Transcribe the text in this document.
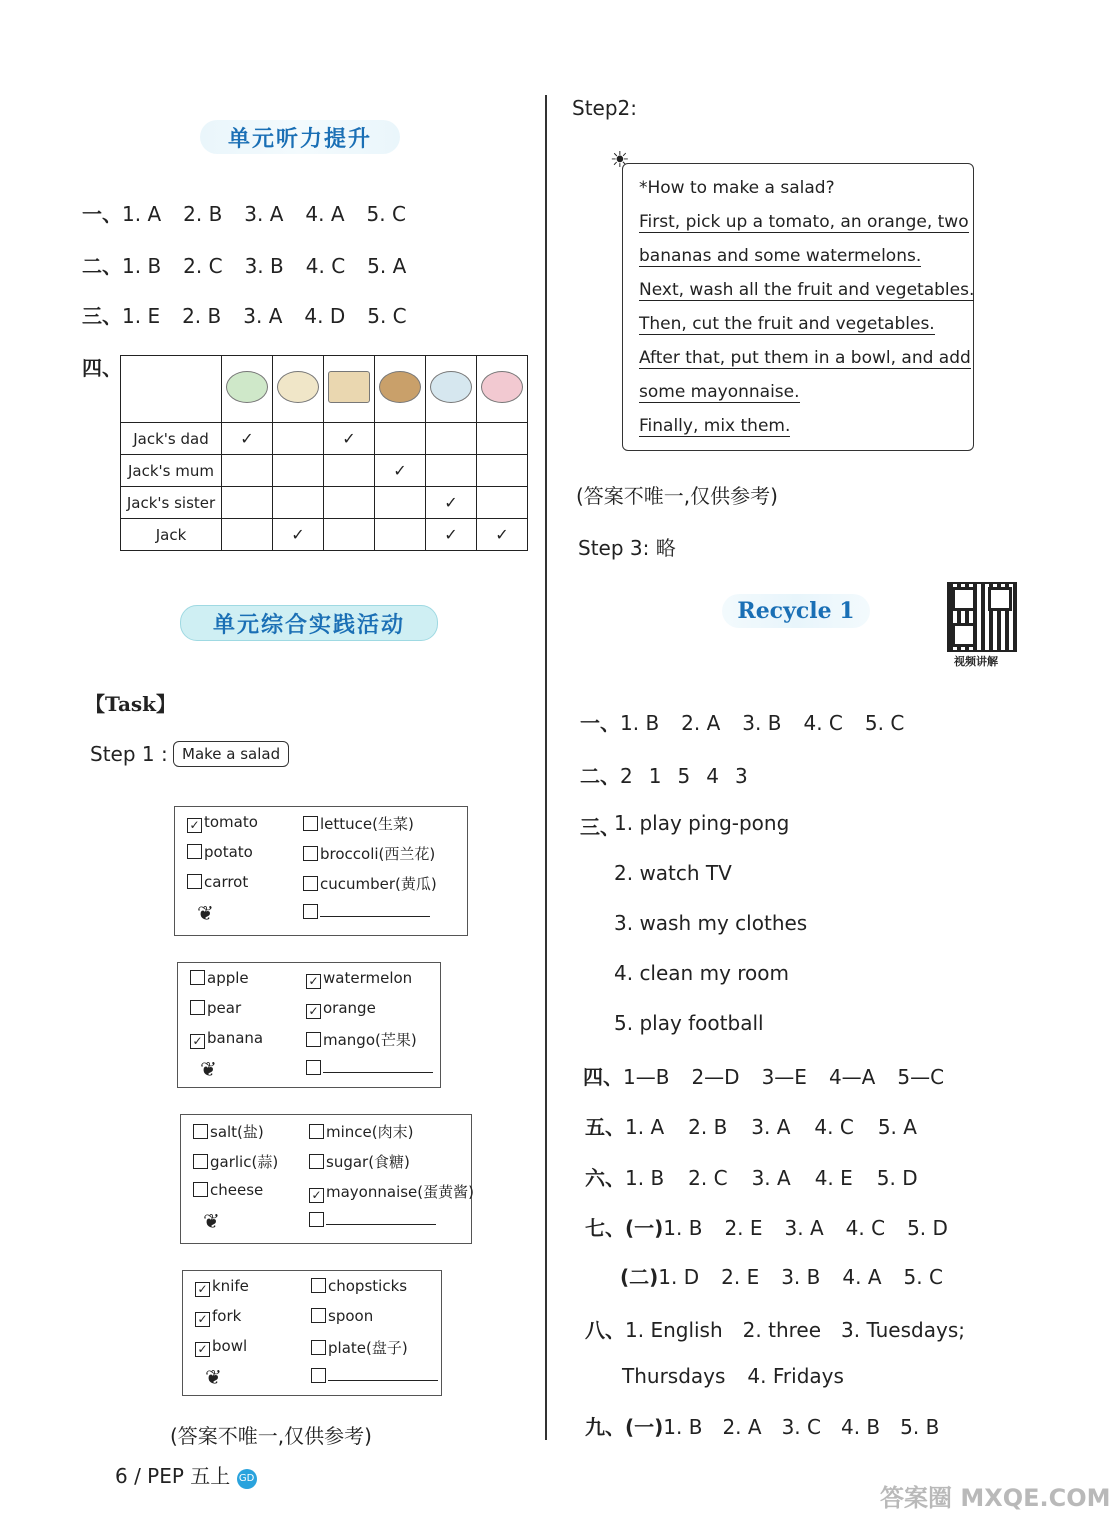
单元听力提升
一、1. A 2. B 3. A 4. A 5. C
二、1. B 2. C 3. B 4. C 5. A
三、1. E 2. B 3. A 4. D 5. C
四、

Jack's dad	✓		✓			
Jack's mum				✓		
Jack's sister					✓	
Jack		✓			✓	✓
单元综合实践活动
【Task】
Step 1 : Make a salad
✓ tomato	lettuce(生菜)
potato	broccoli(西兰花)
carrot	cucumber(黄瓜)
❦
apple	✓ watermelon
pear	✓ orange
✓ banana	mango(芒果)
❦
salt(盐)	mince(肉末)
garlic(蒜)	sugar(食糖)
cheese	✓ mayonnaise(蛋黄酱)
❦
✓ knife	chopsticks
✓ fork	spoon
✓ bowl	plate(盘子)
❦
(答案不唯一,仅供参考)
6 / PEP 五上 GD
Step2:
☀
*How to make a salad?
First, pick up a tomato, an orange, two
bananas and some watermelons.
Next, wash all the fruit and vegetables.
Then, cut the fruit and vegetables.
After that, put them in a bowl, and add
some mayonnaise.
Finally, mix them.
(答案不唯一,仅供参考)
Step 3: 略
Recycle 1
视频讲解
一、1. B 2. A 3. B 4. C 5. C
二、2 1 5 4 3
三、
1. play ping-pong
2. watch TV
3. wash my clothes
4. clean my room
5. play football
四、1—B 2—D 3—E 4—A 5—C
五、1. A 2. B 3. A 4. C 5. A
六、1. B 2. C 3. A 4. E 5. D
七、(一)1. B 2. E 3. A 4. C 5. D
(二)1. D 2. E 3. B 4. A 5. C
八、1. English 2. three 3. Tuesdays;
Thursdays 4. Fridays
九、(一)1. B 2. A 3. C 4. B 5. B
答案圈 MXQE.COM
